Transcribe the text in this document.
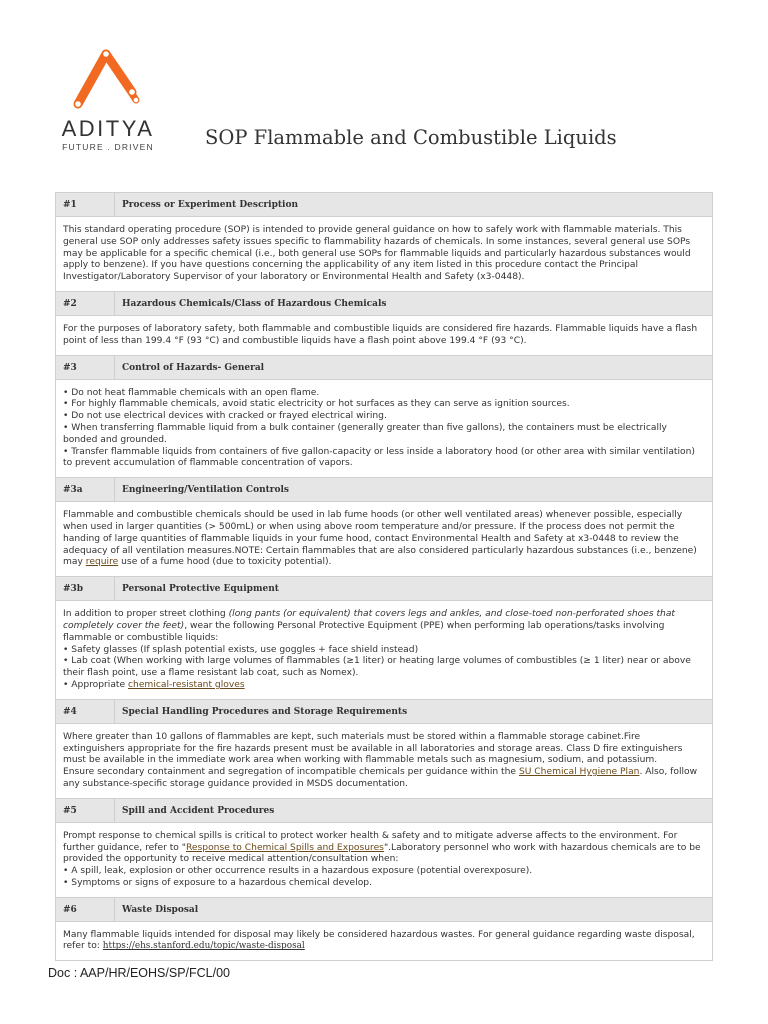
ADITYA
FUTURE . DRIVEN	SOP Flammable and Combustible Liquids
#1	Process or Experiment Description
This standard operating procedure (SOP) is intended to provide general guidance on how to safely work with flammable materials. This general use SOP only addresses safety issues specific to flammability hazards of chemicals. In some instances, several general use SOPs may be applicable for a specific chemical (i.e., both general use SOPs for flammable liquids and particularly hazardous substances would apply to benzene). If you have questions concerning the applicability of any item listed in this procedure contact the Principal Investigator/Laboratory Supervisor of your laboratory or Environmental Health and Safety (x3-0448).
#2	Hazardous Chemicals/Class of Hazardous Chemicals
For the purposes of laboratory safety, both flammable and combustible liquids are considered fire hazards. Flammable liquids have a flash point of less than 199.4 °F (93 °C) and combustible liquids have a flash point above 199.4 °F (93 °C).
#3	Control of Hazards- General
• Do not heat flammable chemicals with an open flame.
• For highly flammable chemicals, avoid static electricity or hot surfaces as they can serve as ignition sources.
• Do not use electrical devices with cracked or frayed electrical wiring.
• When transferring flammable liquid from a bulk container (generally greater than five gallons), the containers must be electrically bonded and grounded.
• Transfer flammable liquids from containers of five gallon-capacity or less inside a laboratory hood (or other area with similar ventilation) to prevent accumulation of flammable concentration of vapors.
#3a	Engineering/Ventilation Controls
Flammable and combustible chemicals should be used in lab fume hoods (or other well ventilated areas) whenever possible, especially when used in larger quantities (> 500mL) or when using above room temperature and/or pressure. If the process does not permit the handing of large quantities of flammable liquids in your fume hood, contact Environmental Health and Safety at x3-0448 to review the adequacy of all ventilation measures.NOTE: Certain flammables that are also considered particularly hazardous substances (i.e., benzene) may require use of a fume hood (due to toxicity potential).
#3b	Personal Protective Equipment
In addition to proper street clothing (long pants (or equivalent) that covers legs and ankles, and close-toed non-perforated shoes that completely cover the feet), wear the following Personal Protective Equipment (PPE) when performing lab operations/tasks involving flammable or combustible liquids:
• Safety glasses (If splash potential exists, use goggles + face shield instead)
• Lab coat (When working with large volumes of flammables (≥1 liter) or heating large volumes of combustibles (≥ 1 liter) near or above their flash point, use a flame resistant lab coat, such as Nomex).
• Appropriate chemical-resistant gloves
#4	Special Handling Procedures and Storage Requirements
Where greater than 10 gallons of flammables are kept, such materials must be stored within a flammable storage cabinet.Fire extinguishers appropriate for the fire hazards present must be available in all laboratories and storage areas. Class D fire extinguishers must be available in the immediate work area when working with flammable metals such as magnesium, sodium, and potassium.
Ensure secondary containment and segregation of incompatible chemicals per guidance within the SU Chemical Hygiene Plan. Also, follow any substance-specific storage guidance provided in MSDS documentation.
#5	Spill and Accident Procedures
Prompt response to chemical spills is critical to protect worker health & safety and to mitigate adverse affects to the environment. For further guidance, refer to "Response to Chemical Spills and Exposures".Laboratory personnel who work with hazardous chemicals are to be provided the opportunity to receive medical attention/consultation when:
• A spill, leak, explosion or other occurrence results in a hazardous exposure (potential overexposure).
• Symptoms or signs of exposure to a hazardous chemical develop.
#6	Waste Disposal
Many flammable liquids intended for disposal may likely be considered hazardous wastes. For general guidance regarding waste disposal, refer to: https://ehs.stanford.edu/topic/waste-disposal
Doc : AAP/HR/EOHS/SP/FCL/00
